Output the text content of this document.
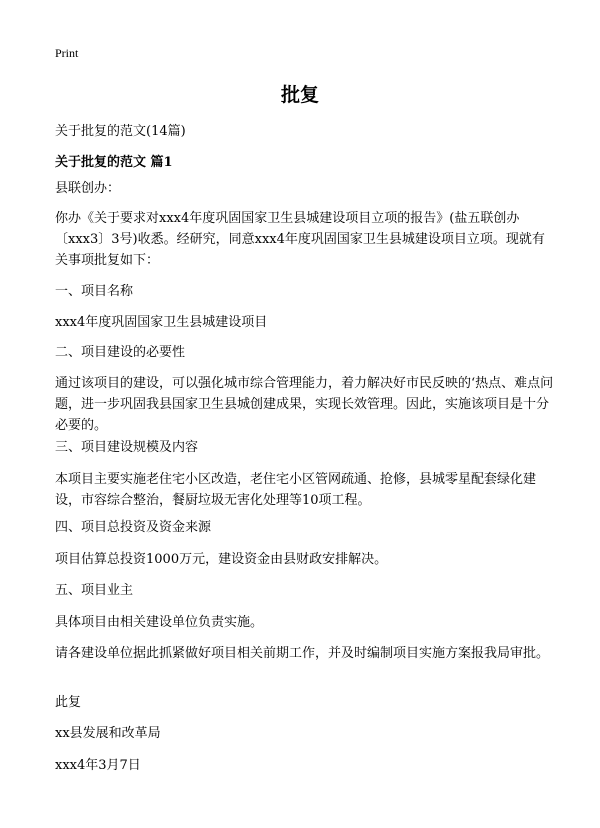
Print
批复
关于批复的范文(14篇)
关于批复的范文 篇1

县联创办：

你办《关于要求对xxx4年度巩固国家卫生县城建设项目立项的报告》(盐五联创办〔xxx3〕3号)收悉。经研究，同意xxx4年度巩固国家卫生县城建设项目立项。现就有关事项批复如下：

一、项目名称

xxx4年度巩固国家卫生县城建设项目

二、项目建设的必要性

通过该项目的建设，可以强化城市综合管理能力，着力解决好市民反映的‘热点、难点问题，进一步巩固我县国家卫生县城创建成果，实现长效管理。因此，实施该项目是十分必要的。

三、项目建设规模及内容

本项目主要实施老住宅小区改造，老住宅小区管网疏通、抢修，县城零星配套绿化建设，市容综合整治，餐厨垃圾无害化处理等10项工程。

四、项目总投资及资金来源

项目估算总投资1000万元，建设资金由县财政安排解决。

五、项目业主

具体项目由相关建设单位负责实施。

请各建设单位据此抓紧做好项目相关前期工作，并及时编制项目实施方案报我局审批。

此复

xx县发展和改革局

xxx4年3月7日
